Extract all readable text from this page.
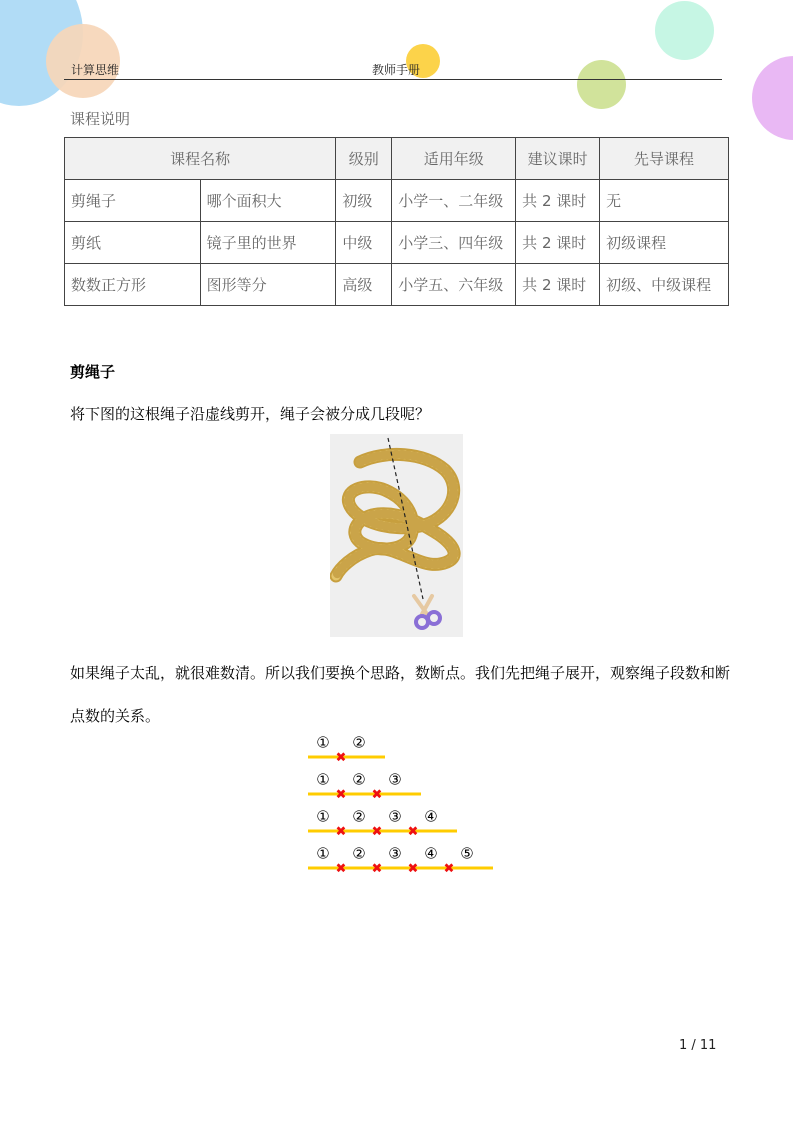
计算思维	教师手册
课程说明
课程名称		级别	适用年级	建议课时	先导课程
剪绳子	哪个面积大	初级	小学一、二年级	共 2 课时	无
剪纸	镜子里的世界	中级	小学三、四年级	共 2 课时	初级课程
数数正方形	图形等分	高级	小学五、六年级	共 2 课时	初级、中级课程
剪绳子
将下图的这根绳子沿虚线剪开，绳子会被分成几段呢？
如果绳子太乱，就很难数清。所以我们要换个思路，数断点。我们先把绳子展开，观察绳子段数和断点数的关系。
①
✖
②
①
✖
②
✖
③
①
✖
②
✖
③
✖
④
①
✖
②
✖
③
✖
④
✖
⑤
1 / 11
